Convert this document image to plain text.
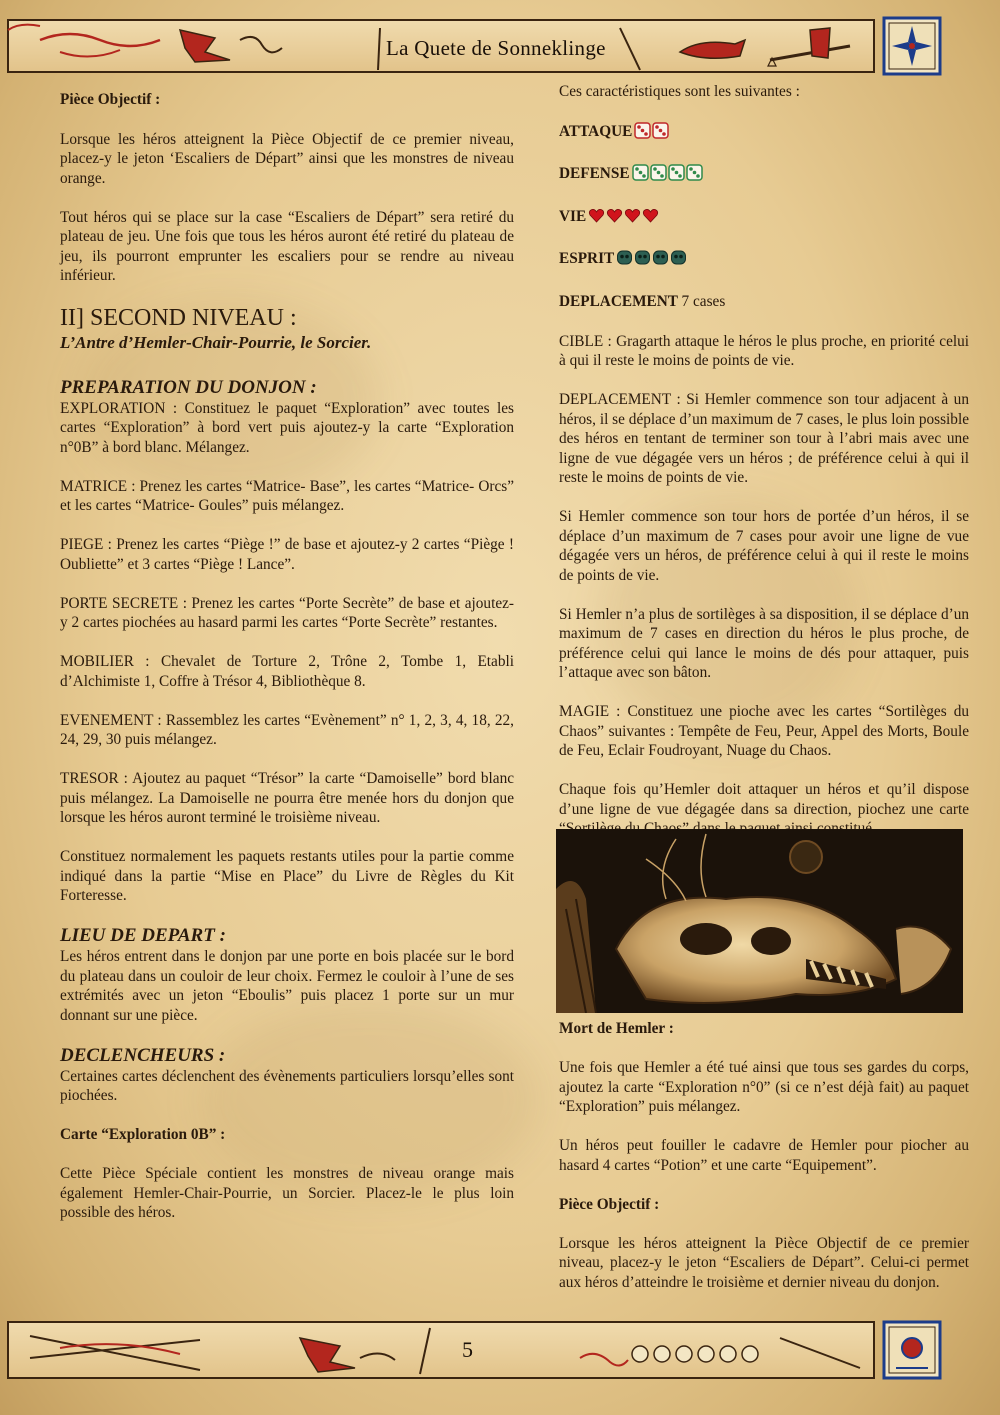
La Quete de Sonneklinge

Pièce Objectif :

Lorsque les héros atteignent la Pièce Objectif de ce premier niveau, placez-y le jeton ‘Escaliers de Départ” ainsi que les monstres de niveau orange.

Tout héros qui se place sur la case “Escaliers de Départ” sera retiré du plateau de jeu. Une fois que tous les héros auront été retiré du plateau de jeu, ils pourront emprunter les escaliers pour se rendre au niveau inférieur.

II] SECOND NIVEAU :
L’Antre d’Hemler-Chair-Pourrie, le Sorcier.
PREPARATION DU DONJON :

EXPLORATION : Constituez le paquet “Exploration” avec toutes les cartes “Exploration” à bord vert puis ajoutez-y la carte “Exploration n°0B” à bord blanc. Mélangez.

MATRICE : Prenez les cartes “Matrice- Base”, les cartes “Matrice- Orcs” et les cartes “Matrice- Goules” puis mélangez.

PIEGE : Prenez les cartes “Piège !” de base et ajoutez-y 2 cartes “Piège ! Oubliette” et 3 cartes “Piège ! Lance”.

PORTE SECRETE : Prenez les cartes “Porte Secrète” de base et ajoutez-y 2 cartes piochées au hasard parmi les cartes “Porte Secrète” restantes.

MOBILIER : Chevalet de Torture 2, Trône 2, Tombe 1, Etabli d’Alchimiste 1, Coffre à Trésor 4, Bibliothèque 8.

EVENEMENT : Rassemblez les cartes “Evènement” n° 1, 2, 3, 4, 18, 22, 24, 29, 30 puis mélangez.

TRESOR : Ajoutez au paquet “Trésor” la carte “Damoiselle” bord blanc puis mélangez. La Damoiselle ne pourra être menée hors du donjon que lorsque les héros auront terminé le troisième niveau.

Constituez normalement les paquets restants utiles pour la partie comme indiqué dans la partie “Mise en Place” du Livre de Règles du Kit Forteresse.

LIEU DE DEPART :

Les héros entrent dans le donjon par une porte en bois placée sur le bord du plateau dans un couloir de leur choix. Fermez le couloir à l’une de ses extrémités avec un jeton “Eboulis” puis placez 1 porte sur un mur donnant sur une pièce.

DECLENCHEURS :

Certaines cartes déclenchent des évènements particuliers lorsqu’elles sont piochées.

Carte “Exploration 0B” :

Cette Pièce Spéciale contient les monstres de niveau orange mais également Hemler-Chair-Pourrie, un Sorcier. Placez-le le plus loin possible des héros.

Ces caractéristiques sont les suivantes :

ATTAQUE

DEFENSE

VIE

ESPRIT

DEPLACEMENT 7 cases

CIBLE : Gragarth attaque le héros le plus proche, en priorité celui à qui il reste le moins de points de vie.

DEPLACEMENT : Si Hemler commence son tour adjacent à un héros, il se déplace d’un maximum de 7 cases, le plus loin possible des héros en tentant de terminer son tour à l’abri mais avec une ligne de vue dégagée vers un héros ; de préférence celui à qui il reste le moins de points de vie.

Si Hemler commence son tour hors de portée d’un héros, il se déplace d’un maximum de 7 cases pour avoir une ligne de vue dégagée vers un héros, de préférence celui à qui il reste le moins de points de vie.

Si Hemler n’a plus de sortilèges à sa disposition, il se déplace d’un maximum de 7 cases en direction du héros le plus proche, de préférence celui qui lance le moins de dés pour attaquer, puis l’attaque avec son bâton.

MAGIE : Constituez une pioche avec les cartes “Sortilèges du Chaos” suivantes : Tempête de Feu, Peur, Appel des Morts, Boule de Feu, Eclair Foudroyant, Nuage du Chaos.

Chaque fois qu’Hemler doit attaquer un héros et qu’il dispose d’une ligne de vue dégagée dans sa direction, piochez une carte

Mort de Hemler :

Une fois que Hemler a été tué ainsi que tous ses gardes du corps, ajoutez la carte “Exploration n°0” (si ce n’est déjà fait) au paquet “Exploration” puis mélangez.

Un héros peut fouiller le cadavre de Hemler pour piocher au hasard 4 cartes “Potion” et une carte “Equipement”.

Pièce Objectif :

Lorsque les héros atteignent la Pièce Objectif de ce premier niveau, placez-y le jeton “Escaliers de Départ”. Celui-ci permet aux héros d’atteindre le troisième et dernier niveau du donjon.

5
